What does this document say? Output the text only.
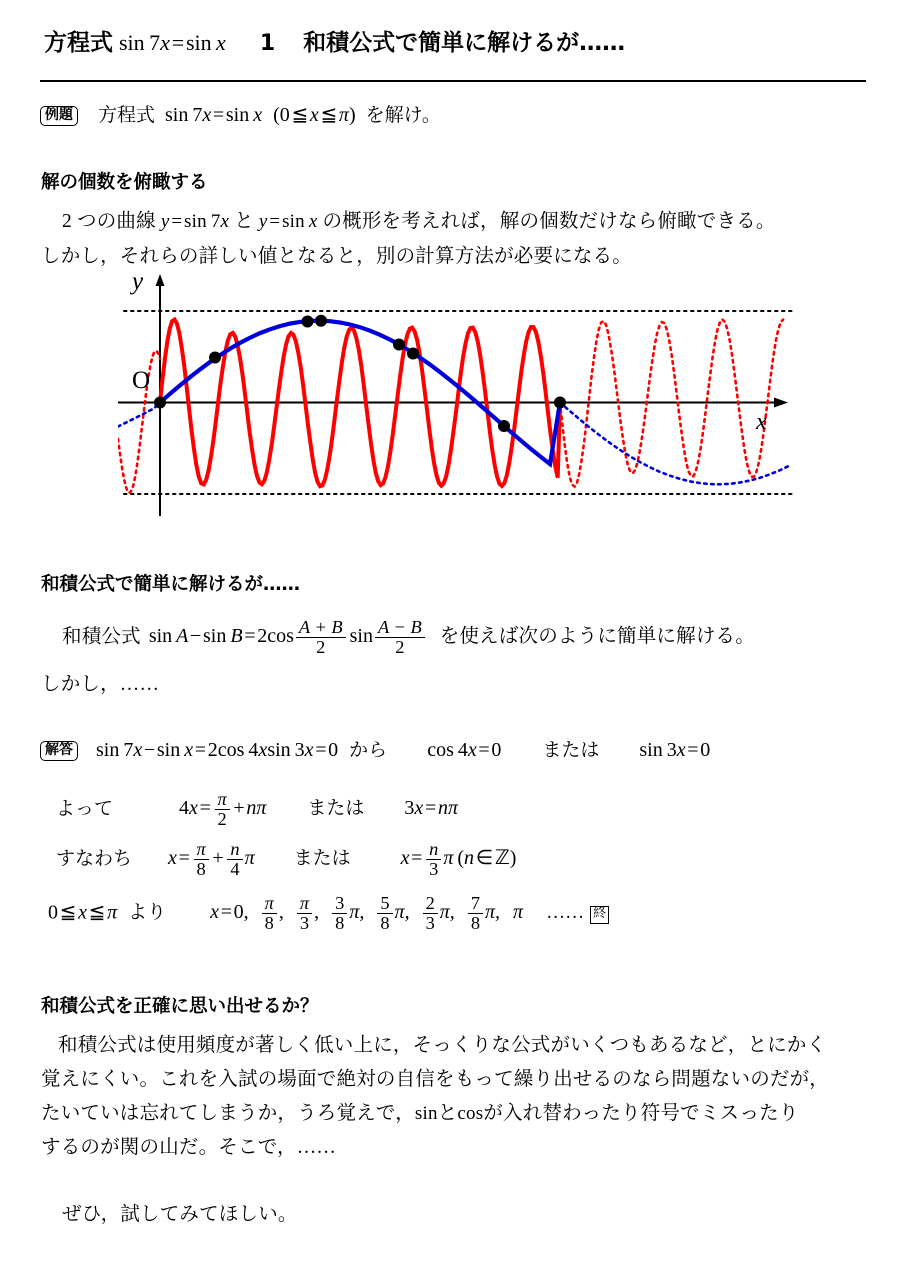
方程式 sin 7x = sin  x 1 和積公式で簡単に解けるが……
例題 方程式 sin 7x = sin  x (0 ≦ x ≦ π) を解け。
解の個数を俯瞰する
2 つの曲線 y = sin 7x と y = sin  x の概形を考えれば，解の個数だけなら俯瞰できる。
しかし，それらの詳しい値となると，別の計算方法が必要になる。
y
x
O
和積公式で簡単に解けるが……
和積公式 sin  A − sin  B = $2\cos \frac{A + B}{2}$ $\sin \frac{A - B}{2}$ を使えば次のように簡単に解ける。
しかし，……
解答 sin 7x − sin  x = 2cos 4xsin 3x = 0 から cos 4x = 0 または sin 3x = 0
よって	4x =  $\frac{\pi}{2}$  + nπ または 3x = nπ
すなわち x =  $\frac{\pi}{8}$  +  $\frac{n}{4}$ π または	x =  $\frac{n}{3}$ π (n ∈ ℤ)
0 ≦ x ≦ π より x = 0, $\frac{\pi}{8}$ , $\frac{\pi}{3}$ , $\frac{3}{8} \pi$, $\frac{5}{8} \pi$, $\frac{2}{3} \pi$, $\frac{7}{8} \pi$, π …… 終
和積公式を正確に思い出せるか？
和積公式は使用頻度が著しく低い上に，そっくりな公式がいくつもあるなど，とにかく
覚えにくい。これを入試の場面で絶対の自信をもって繰り出せるのなら問題ないのだが，
たいていは忘れてしまうか，うろ覚えで，sinとcosが入れ替わったり符号でミスったり
するのが関の山だ。そこで，……
ぜひ，試してみてほしい。
